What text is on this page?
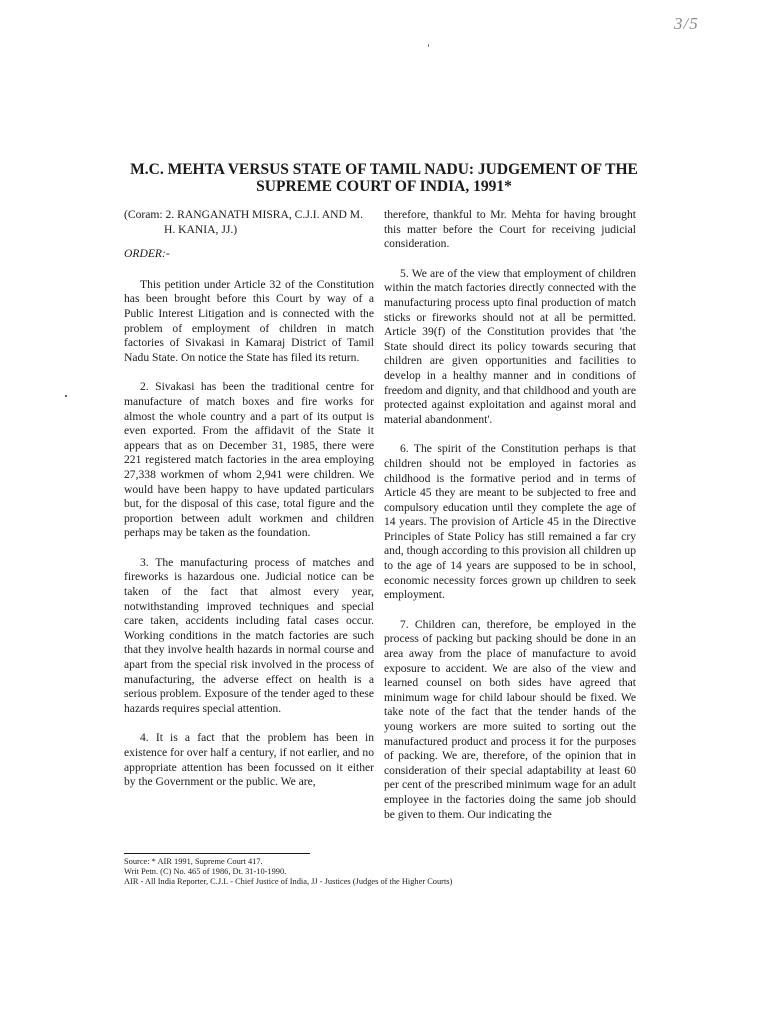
3/5
M.C. MEHTA VERSUS STATE OF TAMIL NADU: JUDGEMENT OF THE SUPREME COURT OF INDIA, 1991*

(Coram: 2. RANGANATH MISRA, C.J.I. AND M. H. KANIA, JJ.)

ORDER:-

This petition under Article 32 of the Constitution has been brought before this Court by way of a Public Interest Litigation and is connected with the problem of employment of children in match factories of Sivakasi in Kamaraj District of Tamil Nadu State. On notice the State has filed its return.

2. Sivakasi has been the traditional centre for manufacture of match boxes and fire works for almost the whole country and a part of its output is even exported. From the affidavit of the State it appears that as on December 31, 1985, there were 221 registered match factories in the area employing 27,338 workmen of whom 2,941 were children. We would have been happy to have updated particulars but, for the disposal of this case, total figure and the proportion between adult workmen and children perhaps may be taken as the foundation.

3. The manufacturing process of matches and fireworks is hazardous one. Judicial notice can be taken of the fact that almost every year, notwithstanding improved techniques and special care taken, accidents including fatal cases occur. Working conditions in the match factories are such that they involve health hazards in normal course and apart from the special risk involved in the process of manufacturing, the adverse effect on health is a serious problem. Exposure of the tender aged to these hazards requires special attention.

4. It is a fact that the problem has been in existence for over half a century, if not earlier, and no appropriate attention has been focussed on it either by the Government or the public. We are,

therefore, thankful to Mr. Mehta for having brought this matter before the Court for receiving judicial consideration.

5. We are of the view that employment of children within the match factories directly connected with the manufacturing process upto final production of match sticks or fireworks should not at all be permitted. Article 39(f) of the Constitution provides that 'the State should direct its policy towards securing that children are given opportunities and facilities to develop in a healthy manner and in conditions of freedom and dignity, and that childhood and youth are protected against exploitation and against moral and material abandonment'.

6. The spirit of the Constitution perhaps is that children should not be employed in factories as childhood is the formative period and in terms of Article 45 they are meant to be subjected to free and compulsory education until they complete the age of 14 years. The provision of Article 45 in the Directive Principles of State Policy has still remained a far cry and, though according to this provision all children up to the age of 14 years are supposed to be in school, economic necessity forces grown up children to seek employment.

7. Children can, therefore, be employed in the process of packing but packing should be done in an area away from the place of manufacture to avoid exposure to accident. We are also of the view and learned counsel on both sides have agreed that minimum wage for child labour should be fixed. We take note of the fact that the tender hands of the young workers are more suited to sorting out the manufactured product and process it for the purposes of packing. We are, therefore, of the opinion that in consideration of their special adaptability at least 60 per cent of the prescribed minimum wage for an adult employee in the factories doing the same job should be given to them. Our indicating the

Source: * AIR 1991, Supreme Court 417.
Writ Petn. (C) No. 465 of 1986, Dt. 31-10-1990.
AIR - All India Reporter, C.J.I. - Chief Justice of India, JJ - Justices (Judges of the Higher Courts)
